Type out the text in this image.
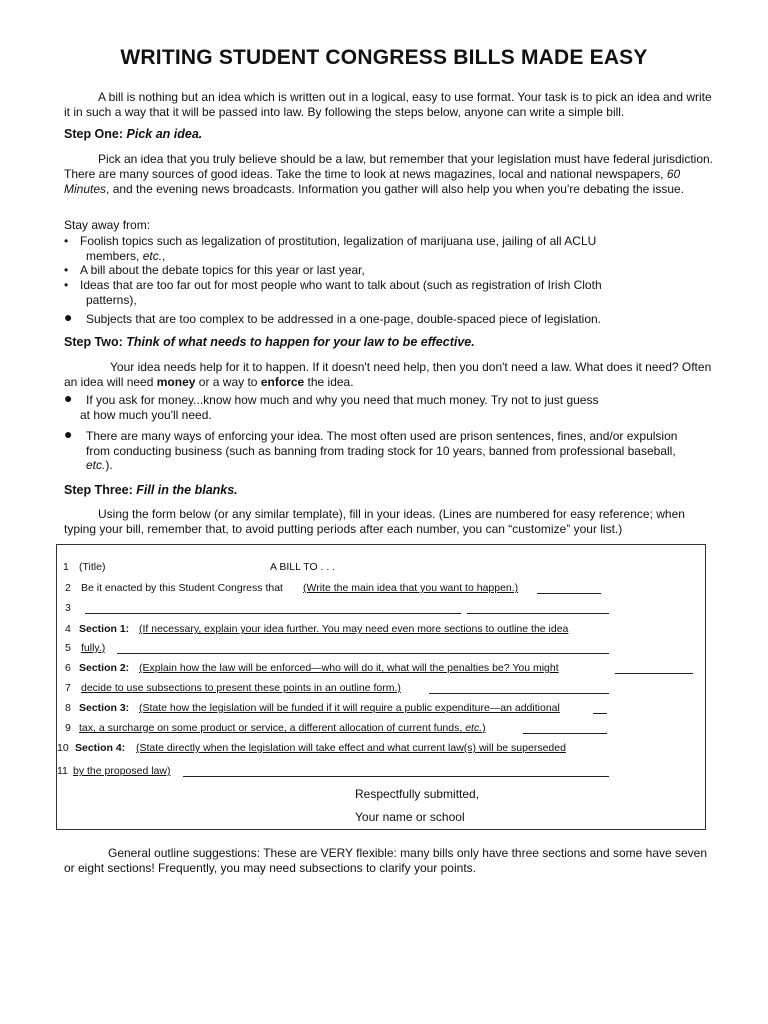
WRITING STUDENT CONGRESS BILLS MADE EASY

A bill is nothing but an idea which is written out in a logical, easy to use format. Your task is to pick an idea and write it in such a way that it will be passed into law. By following the steps below, anyone can write a simple bill.

Step One: Pick an idea.

Pick an idea that you truly believe should be a law, but remember that your legislation must have federal jurisdiction. There are many sources of good ideas. Take the time to look at news magazines, local and national newspapers, 60 Minutes, and the evening news broadcasts. Information you gather will also help you when you're debating the issue.

Stay away from:
• Foolish topics such as legalization of prostitution, legalization of marijuana use, jailing of all ACLU
members, etc.,
• A bill about the debate topics for this year or last year,
• Ideas that are too far out for most people who want to talk about (such as registration of Irish Cloth
patterns),
●	Subjects that are too complex to be addressed in a one-page, double-spaced piece of legislation.
Step Two: Think of what needs to happen for your law to be effective.

Your idea needs help for it to happen. If it doesn't need help, then you don't need a law. What does it need? Often an idea will need money or a way to enforce the idea.

●	If you ask for money...know how much and why you need that much money. Try not to just guess
at how much you'll need.
●	There are many ways of enforcing your idea. The most often used are prison sentences, fines, and/or expulsion from conducting business (such as banning from trading stock for 10 years, banned from professional baseball, etc.).
Step Three: Fill in the blanks.

Using the form below (or any similar template), fill in your ideas. (Lines are numbered for easy reference; when typing your bill, remember that, to avoid putting periods after each number, you can “customize” your list.)

1 (Title)	A BILL TO . . .
2 Be it enacted by this Student Congress that (Write the main idea that you want to happen.)
3
4 Section 1: (If necessary, explain your idea further. You may need even more sections to outline the idea
5 fully.)
6 Section 2: (Explain how the law will be enforced—who will do it, what will the penalties be? You might
7 decide to use subsections to present these points in an outline form.)
8 Section 3: (State how the legislation will be funded if it will require a public expenditure—an additional
9 tax, a surcharge on some product or service, a different allocation of current funds, etc.)
10 Section 4: (State directly when the legislation will take effect and what current law(s) will be superseded
11 by the proposed law)
Respectfully submitted,
Your name or school

General outline suggestions: These are VERY flexible: many bills only have three sections and some have seven or eight sections! Frequently, you may need subsections to clarify your points.
